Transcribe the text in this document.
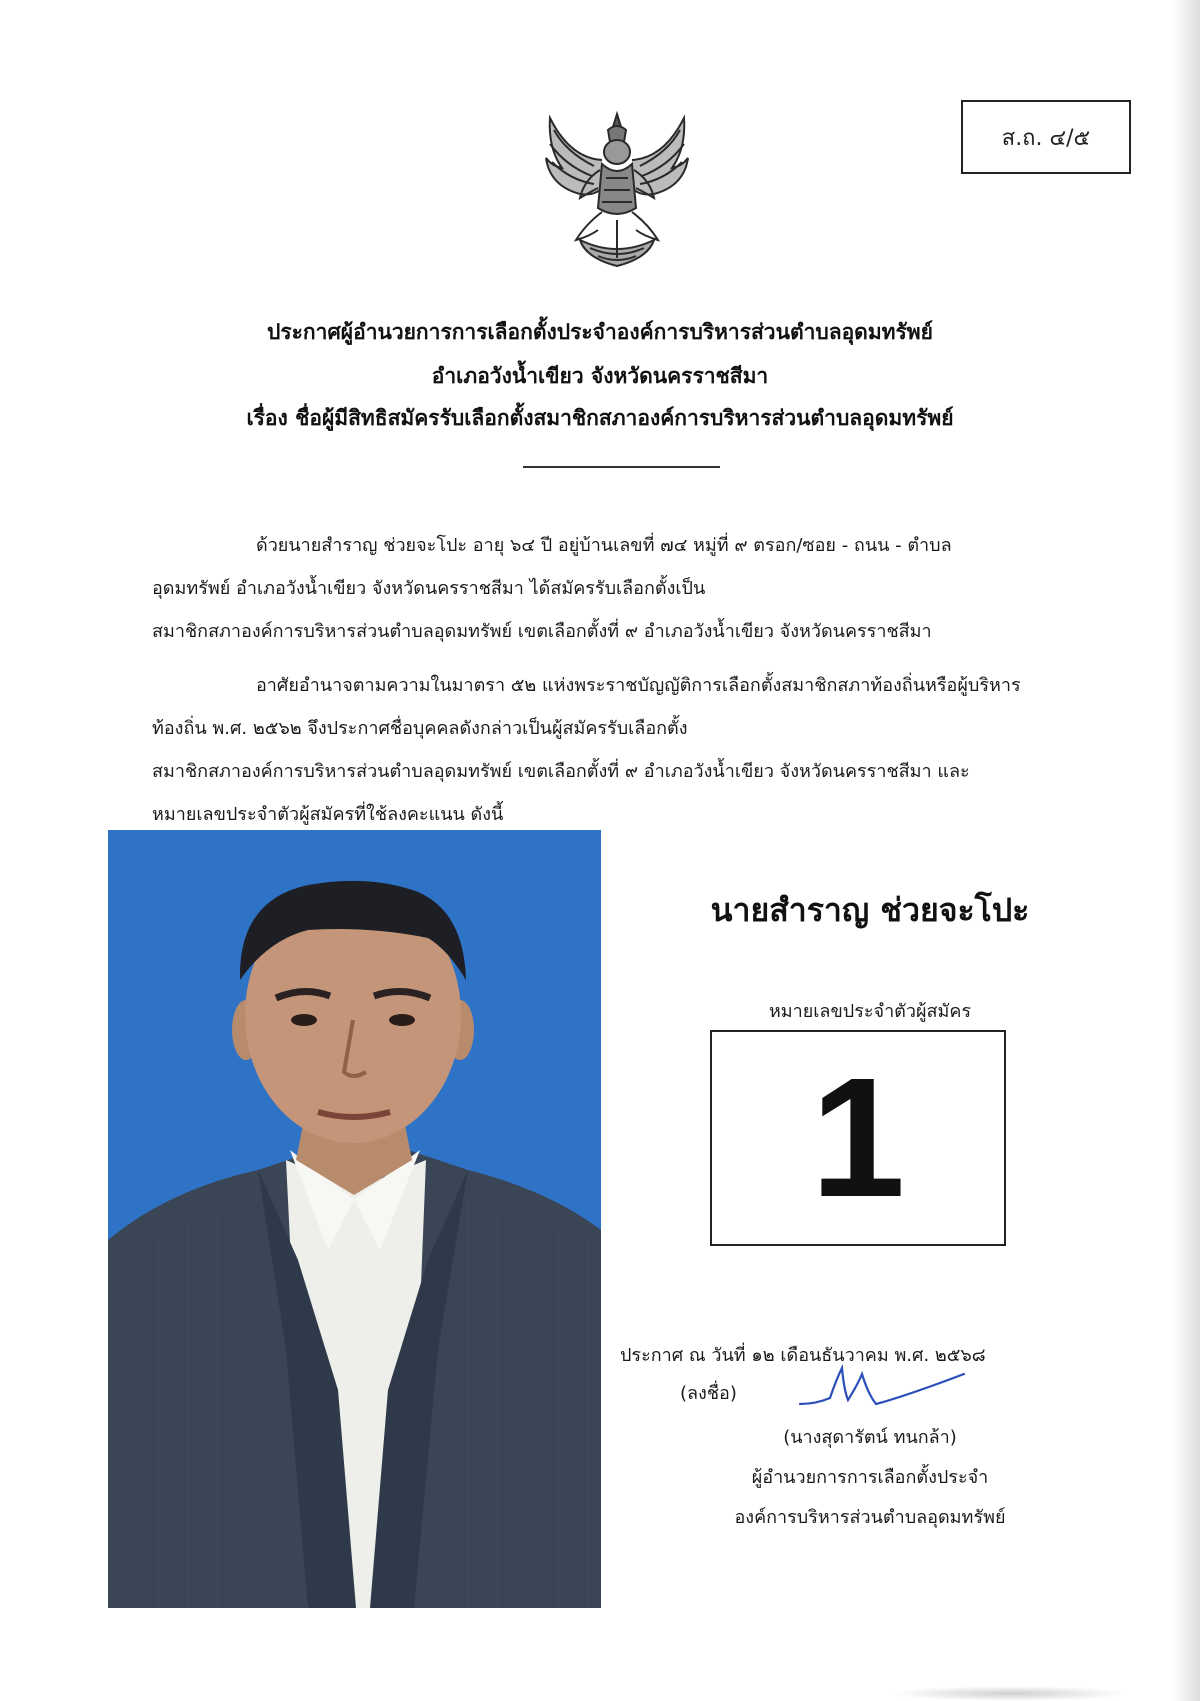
ส.ถ. ๔/๕
ประกาศผู้อำนวยการการเลือกตั้งประจำองค์การบริหารส่วนตำบลอุดมทรัพย์
อำเภอวังน้ำเขียว จังหวัดนครราชสีมา
เรื่อง ชื่อผู้มีสิทธิสมัครรับเลือกตั้งสมาชิกสภาองค์การบริหารส่วนตำบลอุดมทรัพย์
ด้วยนายสำราญ ช่วยจะโปะ อายุ ๖๔ ปี อยู่บ้านเลขที่ ๗๔ หมู่ที่ ๙ ตรอก/ซอย - ถนน - ตำบล
อุดมทรัพย์ อำเภอวังน้ำเขียว จังหวัดนครราชสีมา ได้สมัครรับเลือกตั้งเป็น
สมาชิกสภาองค์การบริหารส่วนตำบลอุดมทรัพย์ เขตเลือกตั้งที่ ๙ อำเภอวังน้ำเขียว จังหวัดนครราชสีมา
อาศัยอำนาจตามความในมาตรา ๕๒ แห่งพระราชบัญญัติการเลือกตั้งสมาชิกสภาท้องถิ่นหรือผู้บริหาร
ท้องถิ่น พ.ศ. ๒๕๖๒ จึงประกาศชื่อบุคคลดังกล่าวเป็นผู้สมัครรับเลือกตั้ง
สมาชิกสภาองค์การบริหารส่วนตำบลอุดมทรัพย์ เขตเลือกตั้งที่ ๙ อำเภอวังน้ำเขียว จังหวัดนครราชสีมา และ
หมายเลขประจำตัวผู้สมัครที่ใช้ลงคะแนน ดังนี้
นายสำราญ ช่วยจะโปะ
หมายเลขประจำตัวผู้สมัคร
1
ประกาศ ณ วันที่ ๑๒ เดือนธันวาคม พ.ศ. ๒๕๖๘
(ลงชื่อ)
(นางสุดารัตน์ ทนกล้า)
ผู้อำนวยการการเลือกตั้งประจำ
องค์การบริหารส่วนตำบลอุดมทรัพย์
